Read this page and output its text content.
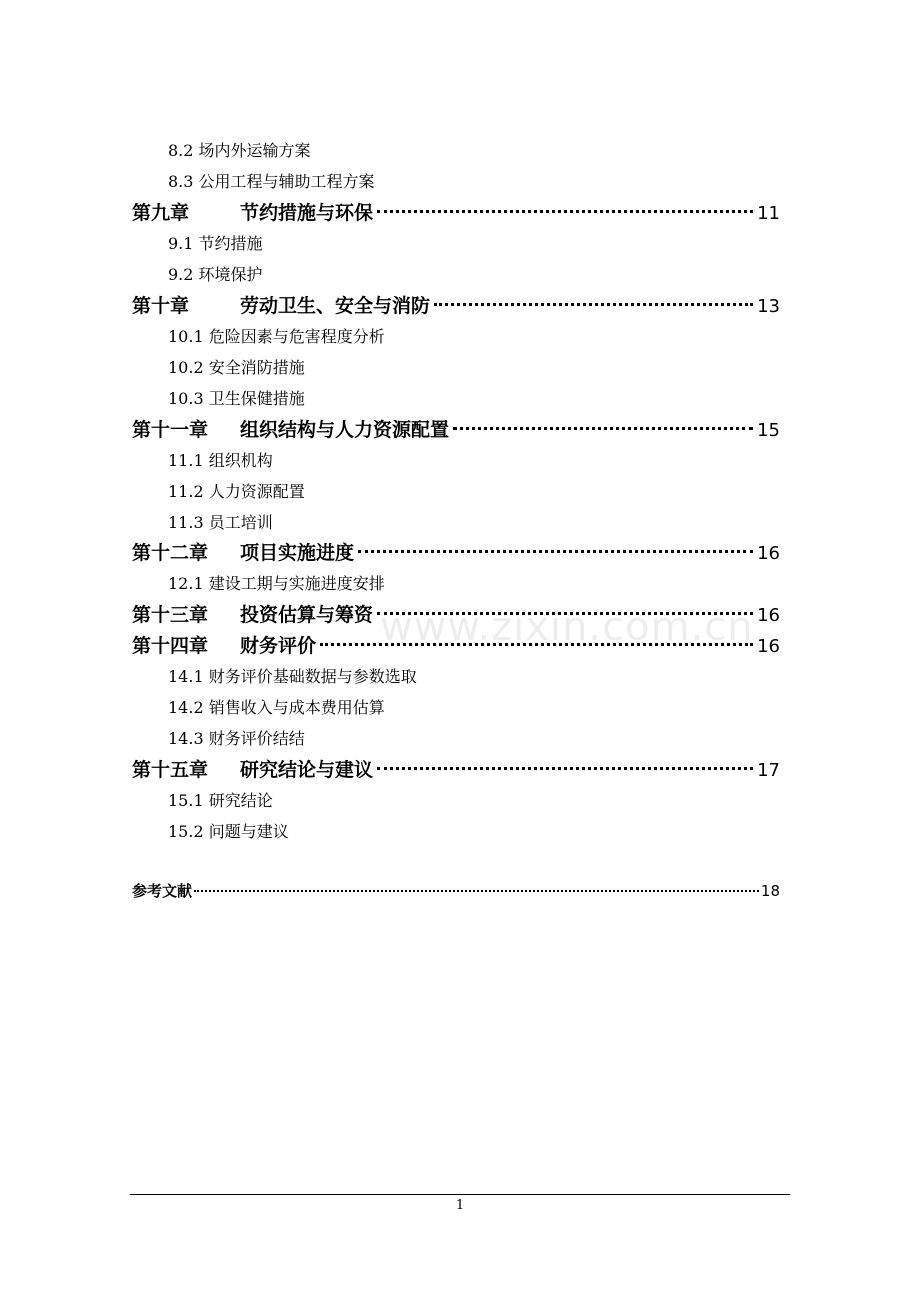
8.2 场内外运输方案
8.3 公用工程与辅助工程方案
第九章	节约措施与环保	11
9.1 节约措施
9.2 环境保护
第十章	劳动卫生、安全与消防	13
10.1 危险因素与危害程度分析
10.2 安全消防措施
10.3 卫生保健措施
第十一章	组织结构与人力资源配置	15
11.1 组织机构
11.2 人力资源配置
11.3 员工培训
第十二章	项目实施进度	16
12.1 建设工期与实施进度安排
第十三章	投资估算与筹资	16
第十四章	财务评价	16
14.1 财务评价基础数据与参数选取
14.2 销售收入与成本费用估算
14.3 财务评价结结
第十五章	研究结论与建议	17
15.1 研究结论
15.2 问题与建议
参考文献	18
www.zixin.com.cn
1
